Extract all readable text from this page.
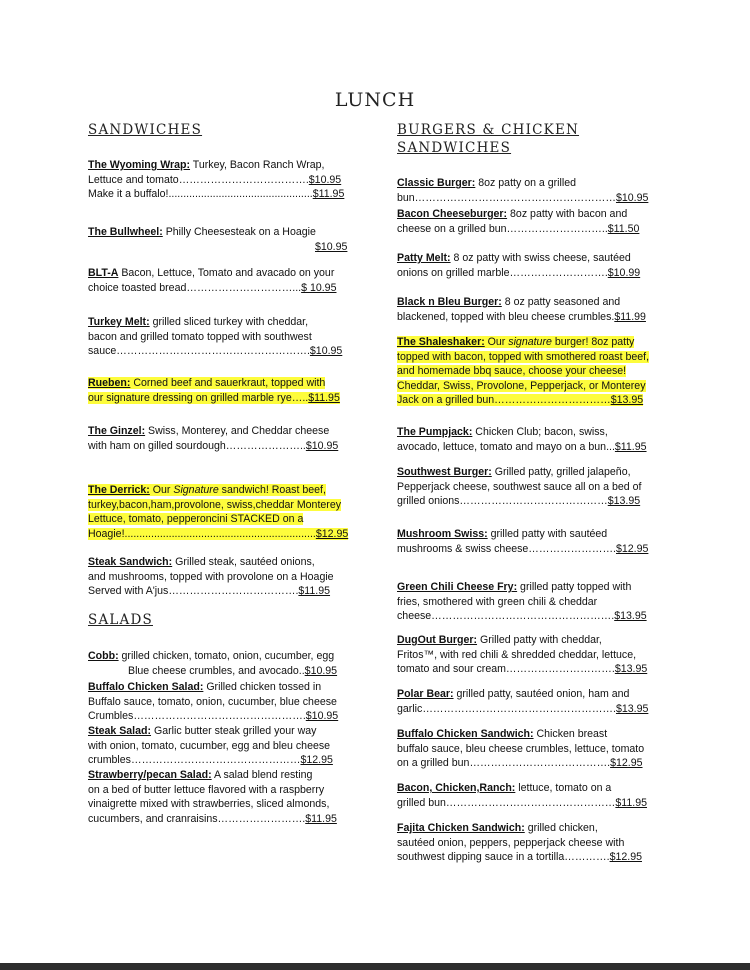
LUNCH
SANDWICHES
The Wyoming Wrap: Turkey, Bacon Ranch Wrap,
Lettuce and tomato……………………………….$10.95
Make it a buffalo!.................................................$11.95
The Bullwheel: Philly Cheesesteak on a Hoagie
$10.95
BLT-A Bacon, Lettuce, Tomato and avacado on your
choice toasted bread…………………………...$ 10.95
Turkey Melt: grilled sliced turkey with cheddar,
bacon and grilled tomato topped with southwest
sauce……………………………………………….$10.95
Rueben: Corned beef and sauerkraut, topped with
our signature dressing on grilled marble rye…..$11.95
The Ginzel: Swiss, Monterey, and Cheddar cheese
with ham on gilled sourdough…………………..$10.95
The Derrick: Our Signature sandwich! Roast beef,
turkey,bacon,ham,provolone, swiss,cheddar Monterey
Lettuce, tomato, pepperoncini STACKED on a
Hoagie!.................................................................$12.95
Steak Sandwich: Grilled steak, sautéed onions,
and mushrooms, topped with provolone on a Hoagie
Served with A'jus……………………………….$11.95
SALADS
Cobb: grilled chicken, tomato, onion, cucumber, egg
Blue cheese crumbles, and avocado..$10.95
Buffalo Chicken Salad: Grilled chicken tossed in
Buffalo sauce, tomato, onion, cucumber, blue cheese
Crumbles………………………………………….$10.95
Steak Salad: Garlic butter steak grilled your way
with onion, tomato, cucumber, egg and bleu cheese
crumbles…………………………………………$12.95
Strawberry/pecan Salad: A salad blend resting
on a bed of butter lettuce flavored with a raspberry
vinaigrette mixed with strawberries, sliced almonds,
cucumbers, and cranraisins…………………….$11.95
BURGERS & CHICKEN
SANDWICHES
Classic Burger: 8oz patty on a grilled
bun…………………………………………………$10.95
Bacon Cheeseburger: 8oz patty with bacon and
cheese on a grilled bun………………………..$11.50
Patty Melt: 8 oz patty with swiss cheese, sautéed
onions on grilled marble……………………….$10.99
Black n Bleu Burger: 8 oz patty seasoned and
blackened, topped with bleu cheese crumbles.$11.99
The Shaleshaker: Our signature burger! 8oz patty
topped with bacon, topped with smothered roast beef,
and homemade bbq sauce, choose your cheese!
Cheddar, Swiss, Provolone, Pepperjack, or Monterey
Jack on a grilled bun……………………………$13.95
The Pumpjack: Chicken Club; bacon, swiss,
avocado, lettuce, tomato and mayo on a bun...$11.95
Southwest Burger: Grilled patty, grilled jalapeño,
Pepperjack cheese, southwest sauce all on a bed of
grilled onions……………………………………$13.95
Mushroom Swiss: grilled patty with sautéed
mushrooms & swiss cheese…………………….$12.95
Green Chili Cheese Fry: grilled patty topped with
fries, smothered with green chili & cheddar
cheese…………………………………………….$13.95
DugOut Burger: Grilled patty with cheddar,
Fritos™, with red chili & shredded cheddar, lettuce,
tomato and sour cream………………………….$13.95
Polar Bear: grilled patty, sautéed onion, ham and
garlic……………………………………………….$13.95
Buffalo Chicken Sandwich: Chicken breast
buffalo sauce, bleu cheese crumbles, lettuce, tomato
on a grilled bun………………………………….$12.95
Bacon, Chicken,Ranch: lettuce, tomato on a
grilled bun…………………………………………$11.95
Fajita Chicken Sandwich: grilled chicken,
sautéed onion, peppers, pepperjack cheese with
southwest dipping sauce in a tortilla………….$12.95
